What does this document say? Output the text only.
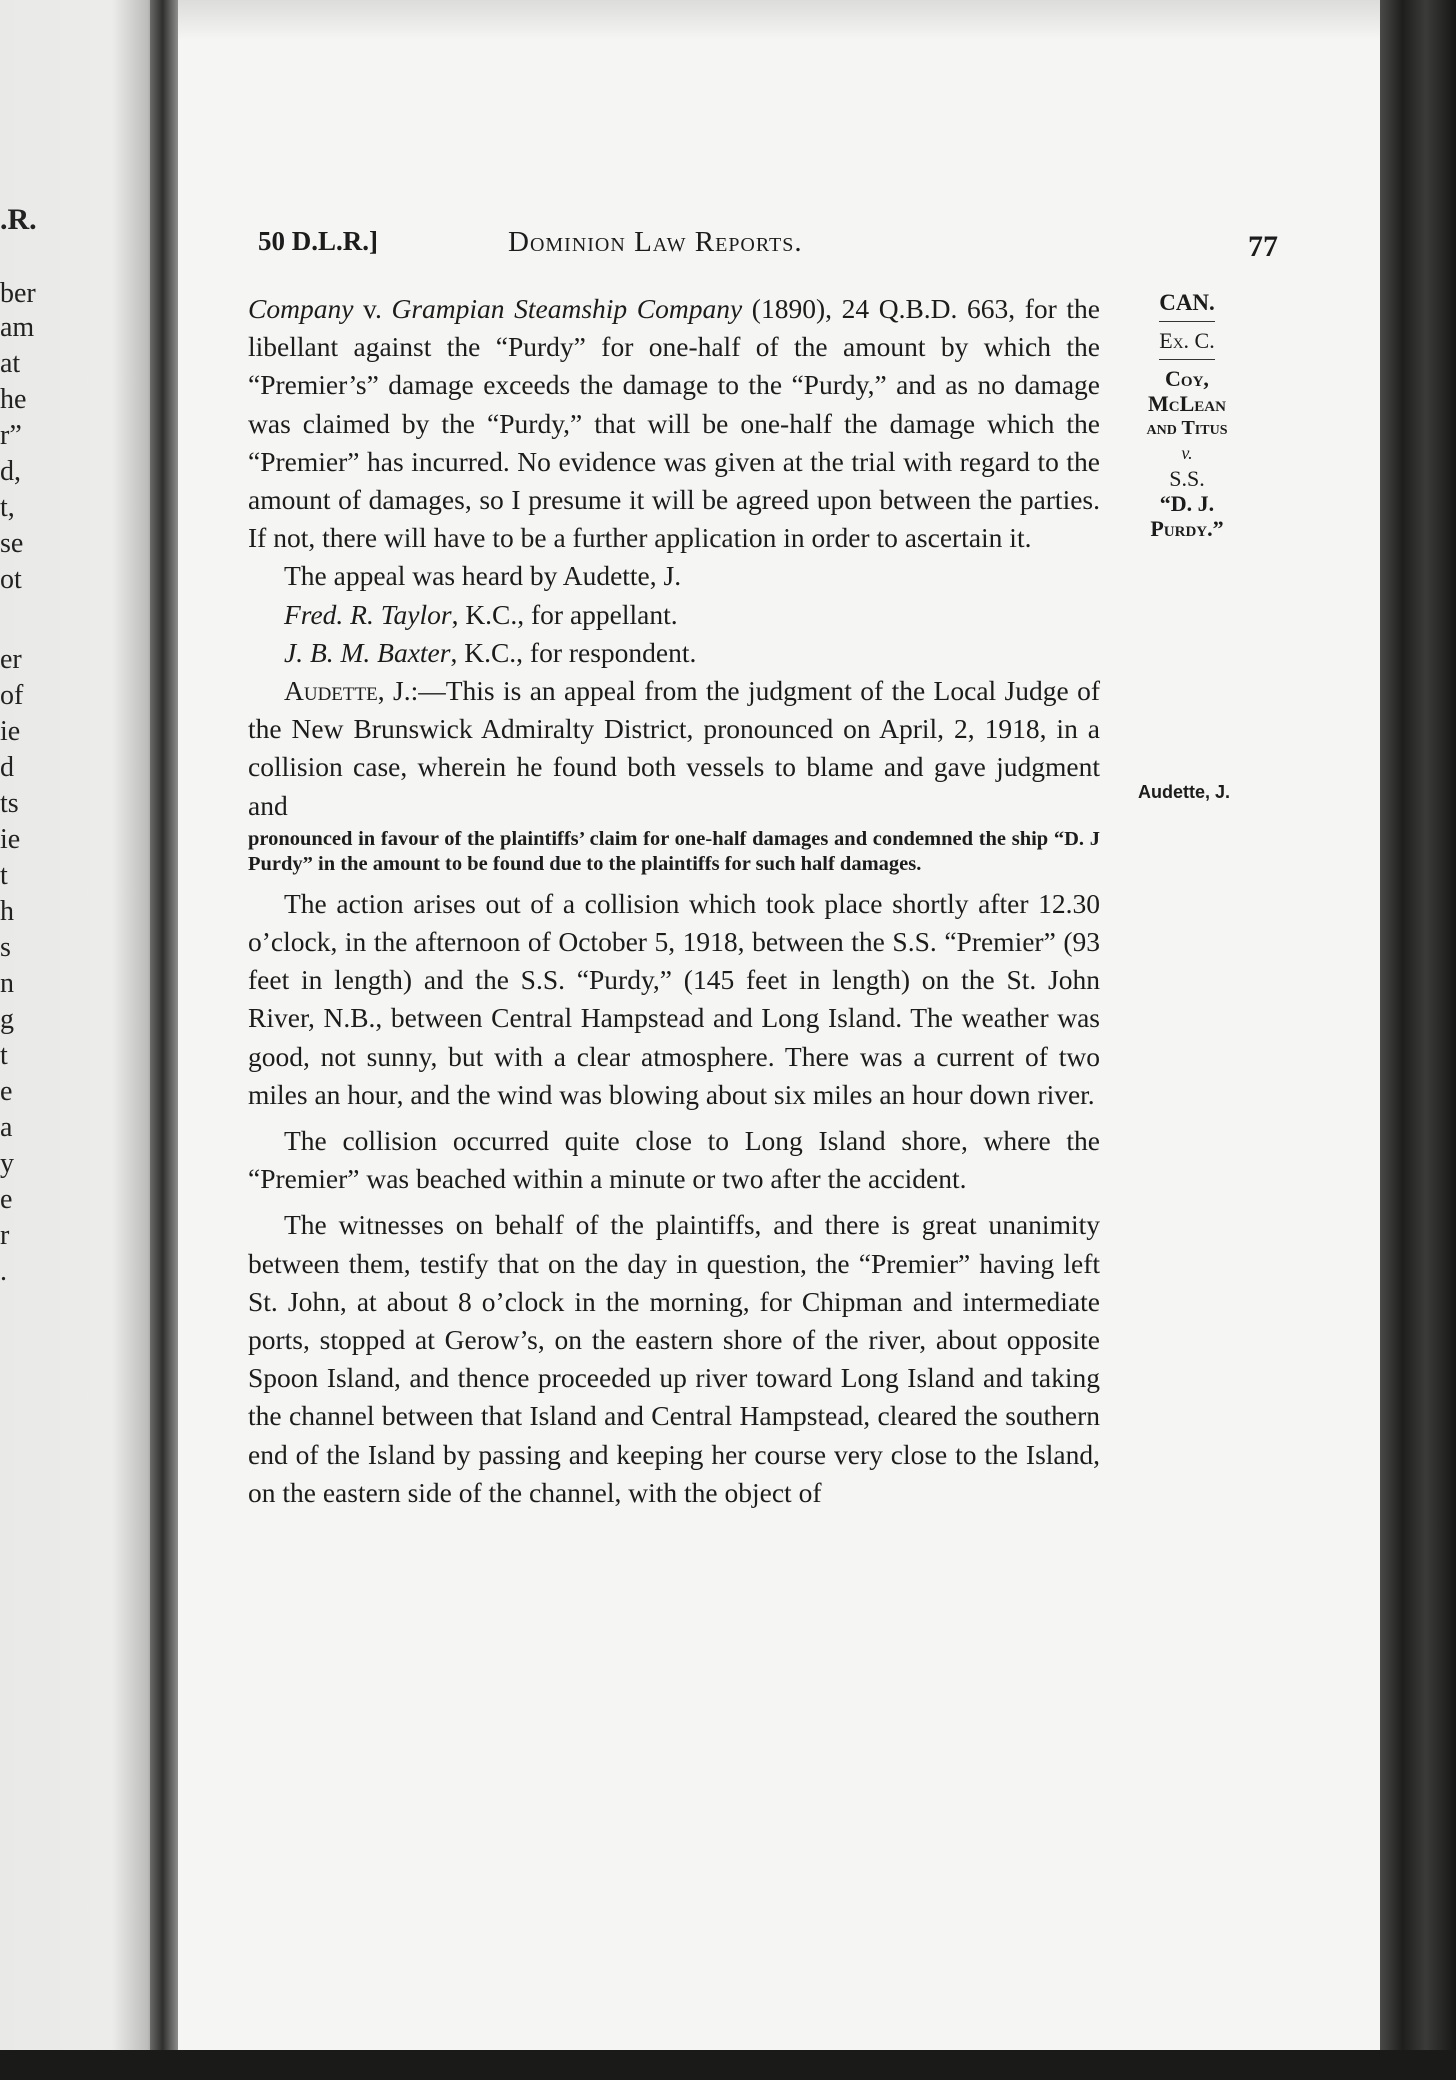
.R.
ber
am
at
he
r”
d,
t,
se
ot
er
of
ie
d
ts
ie
t
h
s
n
g
t
e
a
y
e
r
.
50 D.L.R.]	Dominion Law Reports.	77
CAN.
Ex. C.
Coy,
McLean
and Titus
v.
S.S.
“D. J.
Purdy.”
Audette, J.

Company v. Grampian Steamship Company (1890), 24 Q.B.D. 663, for the libellant against the “Purdy” for one-half of the amount by which the “Premier’s” damage exceeds the damage to the “Purdy,” and as no damage was claimed by the “Purdy,” that will be one-half the damage which the “Premier” has incurred. No evidence was given at the trial with regard to the amount of damages, so I presume it will be agreed upon between the parties. If not, there will have to be a further application in order to ascertain it.

The appeal was heard by Audette, J.

Fred. R. Taylor, K.C., for appellant.

J. B. M. Baxter, K.C., for respondent.

Audette, J.:—This is an appeal from the judgment of the Local Judge of the New Brunswick Admiralty District, pronounced on April, 2, 1918, in a collision case, wherein he found both vessels to blame and gave judgment and

pronounced in favour of the plaintiffs’ claim for one-half damages and condemned the ship “D. J Purdy” in the amount to be found due to the plaintiffs for such half damages.

The action arises out of a collision which took place shortly after 12.30 o’clock, in the afternoon of October 5, 1918, between the S.S. “Premier” (93 feet in length) and the S.S. “Purdy,” (145 feet in length) on the St. John River, N.B., between Central Hampstead and Long Island. The weather was good, not sunny, but with a clear atmosphere. There was a current of two miles an hour, and the wind was blowing about six miles an hour down river.

The collision occurred quite close to Long Island shore, where the “Premier” was beached within a minute or two after the accident.

The witnesses on behalf of the plaintiffs, and there is great unanimity between them, testify that on the day in question, the “Premier” having left St. John, at about 8 o’clock in the morning, for Chipman and intermediate ports, stopped at Gerow’s, on the eastern shore of the river, about opposite Spoon Island, and thence proceeded up river toward Long Island and taking the channel between that Island and Central Hampstead, cleared the southern end of the Island by passing and keeping her course very close to the Island, on the eastern side of the channel, with the object of
